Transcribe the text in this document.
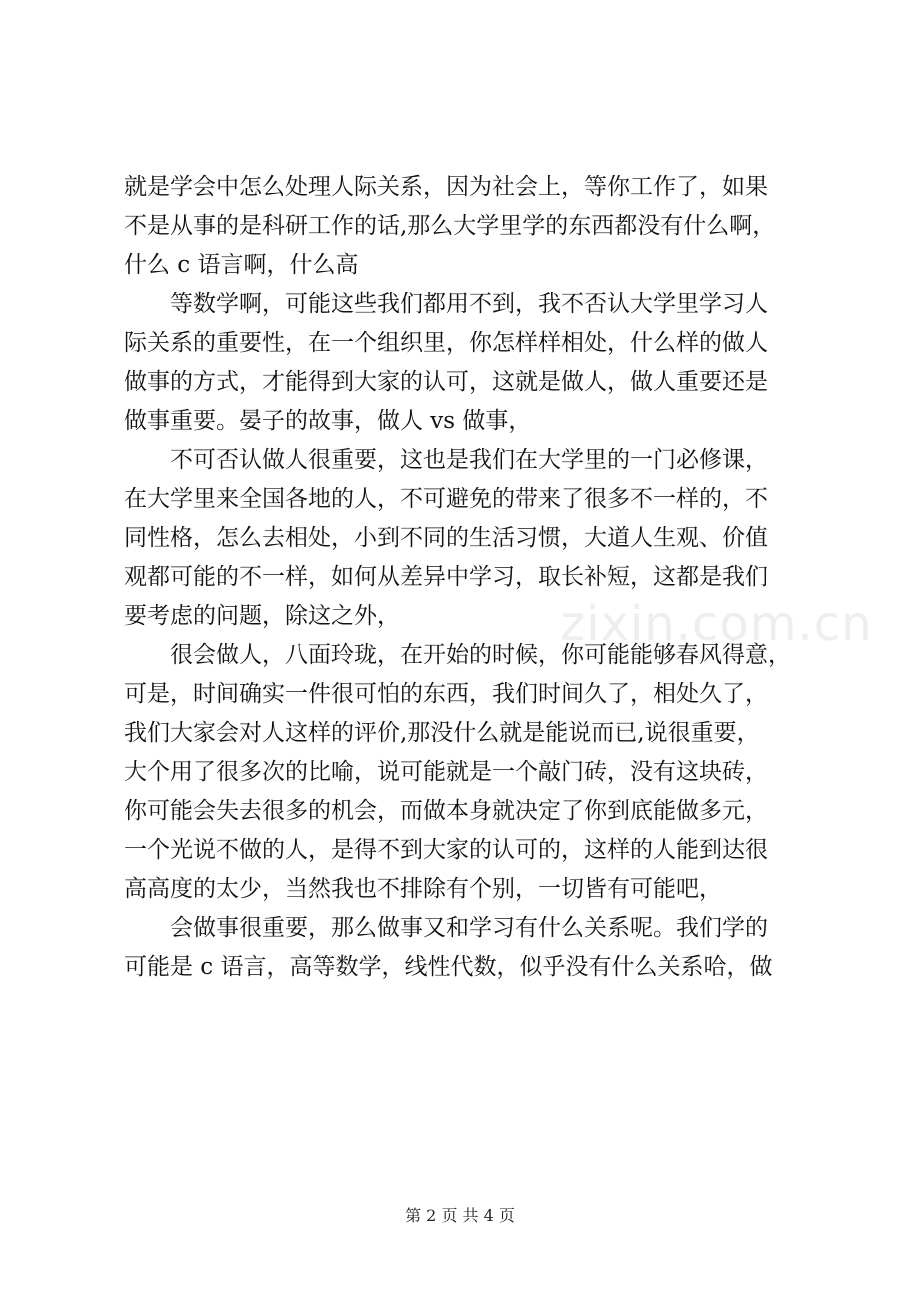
就是学会中怎么处理人际关系，因为社会上，等你工作了，如果
不是从事的是科研工作的话,那么大学里学的东西都没有什么啊，
什么 c 语言啊，什么高
等数学啊，可能这些我们都用不到，我不否认大学里学习人
际关系的重要性，在一个组织里，你怎样样相处，什么样的做人
做事的方式，才能得到大家的认可，这就是做人，做人重要还是
做事重要。晏子的故事，做人 vs 做事，
不可否认做人很重要，这也是我们在大学里的一门必修课，
在大学里来全国各地的人，不可避免的带来了很多不一样的，不
同性格，怎么去相处，小到不同的生活习惯，大道人生观、价值
观都可能的不一样，如何从差异中学习，取长补短，这都是我们
要考虑的问题，除这之外，
很会做人，八面玲珑，在开始的时候，你可能能够春风得意，
可是，时间确实一件很可怕的东西，我们时间久了，相处久了，
我们大家会对人这样的评价,那没什么就是能说而已,说很重要，
大个用了很多次的比喻，说可能就是一个敲门砖，没有这块砖，
你可能会失去很多的机会，而做本身就决定了你到底能做多元，
一个光说不做的人，是得不到大家的认可的，这样的人能到达很
高高度的太少，当然我也不排除有个别，一切皆有可能吧，
会做事很重要，那么做事又和学习有什么关系呢。我们学的
可能是 c 语言，高等数学，线性代数，似乎没有什么关系哈，做
zixin.com.cn
第 2 页 共 4 页
